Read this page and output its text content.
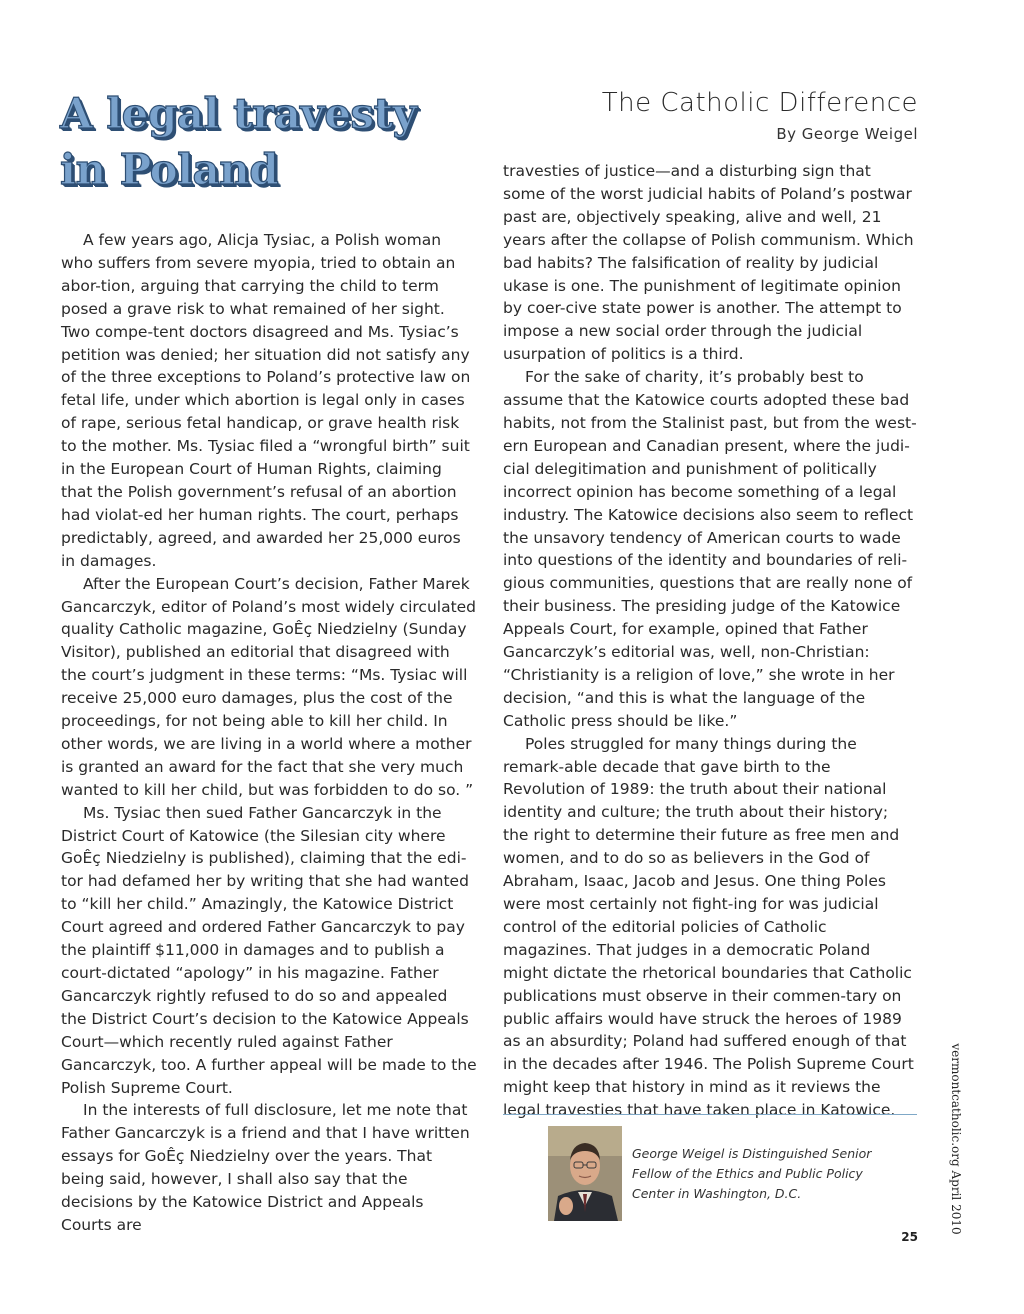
A legal travesty
in Poland
The Catholic Difference
By George Weigel

A few years ago, Alicja Tysiac, a Polish woman who suffers from severe myopia, tried to obtain an abor-tion, arguing that carrying the child to term posed a grave risk to what remained of her sight. Two compe-tent doctors disagreed and Ms. Tysiac’s petition was denied; her situation did not satisfy any of the three exceptions to Poland’s protective law on fetal life, under which abortion is legal only in cases of rape, serious fetal handicap, or grave health risk to the mother. Ms. Tysiac filed a “wrongful birth” suit in the European Court of Human Rights, claiming that the Polish government’s refusal of an abortion had violat-ed her human rights. The court, perhaps predictably, agreed, and awarded her 25,000 euros in damages.

After the European Court’s decision, Father Marek Gancarczyk, editor of Poland’s most widely circulated quality Catholic magazine, GoÊç Niedzielny (Sunday Visitor), published an editorial that disagreed with the court’s judgment in these terms: “Ms. Tysiac will receive 25,000 euro damages, plus the cost of the proceedings, for not being able to kill her child. In other words, we are living in a world where a mother is granted an award for the fact that she very much wanted to kill her child, but was forbidden to do so. ”

Ms. Tysiac then sued Father Gancarczyk in the District Court of Katowice (the Silesian city where GoÊç Niedzielny is published), claiming that the edi-tor had defamed her by writing that she had wanted to “kill her child.” Amazingly, the Katowice District Court agreed and ordered Father Gancarczyk to pay the plaintiff $11,000 in damages and to publish a court-dictated “apology” in his magazine. Father Gancarczyk rightly refused to do so and appealed the District Court’s decision to the Katowice Appeals Court—which recently ruled against Father Gancarczyk, too. A further appeal will be made to the Polish Supreme Court.

In the interests of full disclosure, let me note that Father Gancarczyk is a friend and that I have written essays for GoÊç Niedzielny over the years. That being said, however, I shall also say that the decisions by the Katowice District and Appeals Courts are

travesties of justice—and a disturbing sign that some of the worst judicial habits of Poland’s postwar past are, objectively speaking, alive and well, 21 years after the collapse of Polish communism. Which bad habits? The falsification of reality by judicial ukase is one. The punishment of legitimate opinion by coer-cive state power is another. The attempt to impose a new social order through the judicial usurpation of politics is a third.

For the sake of charity, it’s probably best to assume that the Katowice courts adopted these bad habits, not from the Stalinist past, but from the west-ern European and Canadian present, where the judi-cial delegitimation and punishment of politically incorrect opinion has become something of a legal industry. The Katowice decisions also seem to reflect the unsavory tendency of American courts to wade into questions of the identity and boundaries of reli-gious communities, questions that are really none of their business. The presiding judge of the Katowice Appeals Court, for example, opined that Father Gancarczyk’s editorial was, well, non-Christian: “Christianity is a religion of love,” she wrote in her decision, “and this is what the language of the Catholic press should be like.”

Poles struggled for many things during the remark-able decade that gave birth to the Revolution of 1989: the truth about their national identity and culture; the truth about their history; the right to determine their future as free men and women, and to do so as believers in the God of Abraham, Isaac, Jacob and Jesus. One thing Poles were most certainly not fight-ing for was judicial control of the editorial policies of Catholic magazines. That judges in a democratic Poland might dictate the rhetorical boundaries that Catholic publications must observe in their commen-tary on public affairs would have struck the heroes of 1989 as an absurdity; Poland had suffered enough of that in the decades after 1946. The Polish Supreme Court might keep that history in mind as it reviews the legal travesties that have taken place in Katowice.

George Weigel is Distinguished Senior Fellow of the Ethics and Public Policy Center in Washington, D.C.	vermontcatholic.org April 2010
25
